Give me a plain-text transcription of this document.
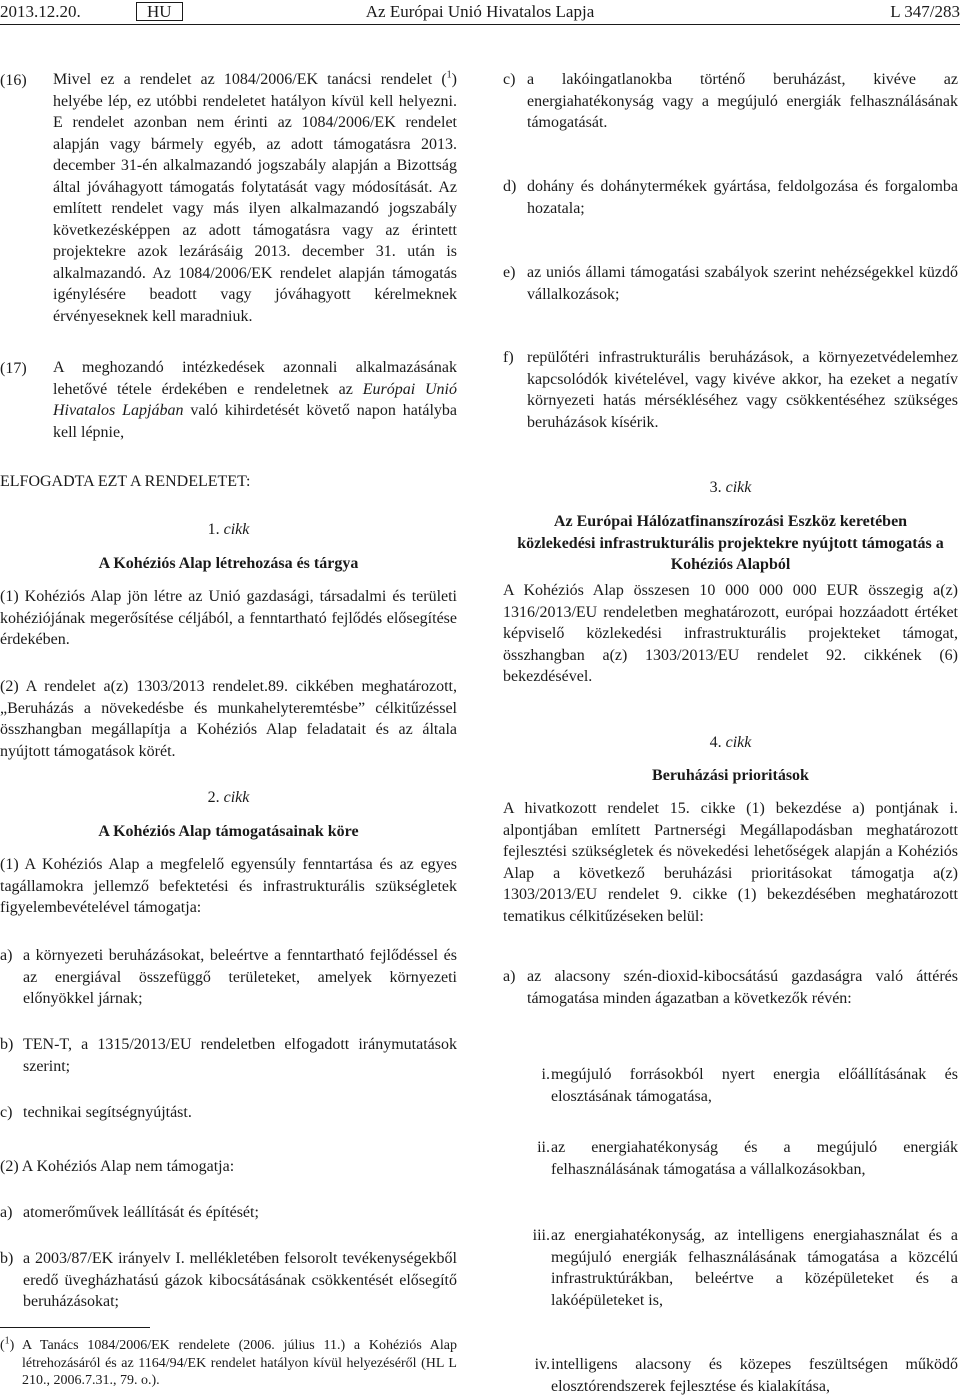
2013.12.20.	HU	Az Európai Unió Hivatalos Lapja	L 347/283
(16) Mivel ez a rendelet az 1084/2006/EK tanácsi rendelet ($^1$) helyébe lép, ez utóbbi rendeletet hatályon kívül kell helyezni. E rendelet azonban nem érinti az 1084/2006/EK rendelet alapján vagy bármely egyéb, az adott támogatásra 2013. december 31-én alkalmazandó jogszabály alapján a Bizottság által jóváhagyott támogatás folytatását vagy módosítását. Az említett rendelet vagy más ilyen alkalmazandó jogszabály következésképpen az adott támogatásra vagy az érintett projektekre azok lezárásáig 2013. december 31. után is alkalmazandó. Az 1084/2006/EK rendelet alapján támogatás igénylésére beadott vagy jóváhagyott kérelmeknek érvényeseknek kell maradniuk.
(17) A meghozandó intézkedések azonnali alkalmazásának lehetővé tétele érdekében e rendeletnek az Európai Unió Hivatalos Lapjában való kihirdetését követő napon hatályba kell lépnie,
ELFOGADTA EZT A RENDELETET:
1. cikk
A Kohéziós Alap létrehozása és tárgya
(1) Kohéziós Alap jön létre az Unió gazdasági, társadalmi és területi kohéziójának megerősítése céljából, a fenntartható fejlődés elősegítése érdekében.
(2) A rendelet a(z) 1303/2013 rendelet.89. cikkében meghatározott, „Beruházás a növekedésbe és munkahelyteremtésbe” célkitűzéssel összhangban megállapítja a Kohéziós Alap feladatait és az általa nyújtott támogatások körét.
2. cikk
A Kohéziós Alap támogatásainak köre
(1) A Kohéziós Alap a megfelelő egyensúly fenntartása és az egyes tagállamokra jellemző befektetési és infrastrukturális szükségletek figyelembevételével támogatja:
a) a környezeti beruházásokat, beleértve a fenntartható fejlődéssel és az energiával összefüggő területeket, amelyek környezeti előnyökkel járnak;
b) TEN-T, a 1315/2013/EU rendeletben elfogadott iránymutatások szerint;
c) technikai segítségnyújtást.
(2) A Kohéziós Alap nem támogatja:
a) atomerőművek leállítását és építését;
b) a 2003/87/EK irányelv I. mellékletében felsorolt tevékenységekből eredő üvegházhatású gázok kibocsátásának csökkentését elősegítő beruházásokat;
($^1$) A Tanács 1084/2006/EK rendelete (2006. július 11.) a Kohéziós Alap létrehozásáról és az 1164/94/EK rendelet hatályon kívül helyezéséről (HL L 210., 2006.7.31., 79. o.).
c) a lakóingatlanokba történő beruházást, kivéve az energiahatékonyság vagy a megújuló energiák felhasználásának támogatását.
d) dohány és dohánytermékek gyártása, feldolgozása és forgalomba hozatala;
e) az uniós állami támogatási szabályok szerint nehézségekkel küzdő vállalkozások;
f) repülőtéri infrastrukturális beruházások, a környezetvédelemhez kapcsolódók kivételével, vagy kivéve akkor, ha ezeket a negatív környezeti hatás mérsékléséhez vagy csökkentéséhez szükséges beruházások kísérik.
3. cikk
Az Európai Hálózatfinanszírozási Eszköz keretében közlekedési infrastrukturális projektekre nyújtott támogatás a Kohéziós Alapból
A Kohéziós Alap összesen 10 000 000 000 EUR összegig a(z) 1316/2013/EU rendeletben meghatározott, európai hozzáadott értéket képviselő közlekedési infrastrukturális projekteket támogat, összhangban a(z) 1303/2013/EU rendelet 92. cikkének (6) bekezdésével.
4. cikk
Beruházási prioritások
A hivatkozott rendelet 15. cikke (1) bekezdése a) pontjának i. alpontjában említett Partnerségi Megállapodásban meghatározott fejlesztési szükségletek és növekedési lehetőségek alapján a Kohéziós Alap a következő beruházási prioritásokat támogatja a(z) 1303/2013/EU rendelet 9. cikke (1) bekezdésében meghatározott tematikus célkitűzéseken belül:
a) az alacsony szén-dioxid-kibocsátású gazdaságra való áttérés támogatása minden ágazatban a következők révén:
i. megújuló forrásokból nyert energia előállításának és elosztásának támogatása,
ii. az energiahatékonyság és a megújuló energiák felhasználásának támogatása a vállalkozásokban,
iii. az energiahatékonyság, az intelligens energiahasználat és a megújuló energiák felhasználásának támogatása a közcélú infrastruktúrákban, beleértve a középületeket és a lakóépületeket is,
iv. intelligens alacsony és közepes feszültségen működő elosztórendszerek fejlesztése és kialakítása,
